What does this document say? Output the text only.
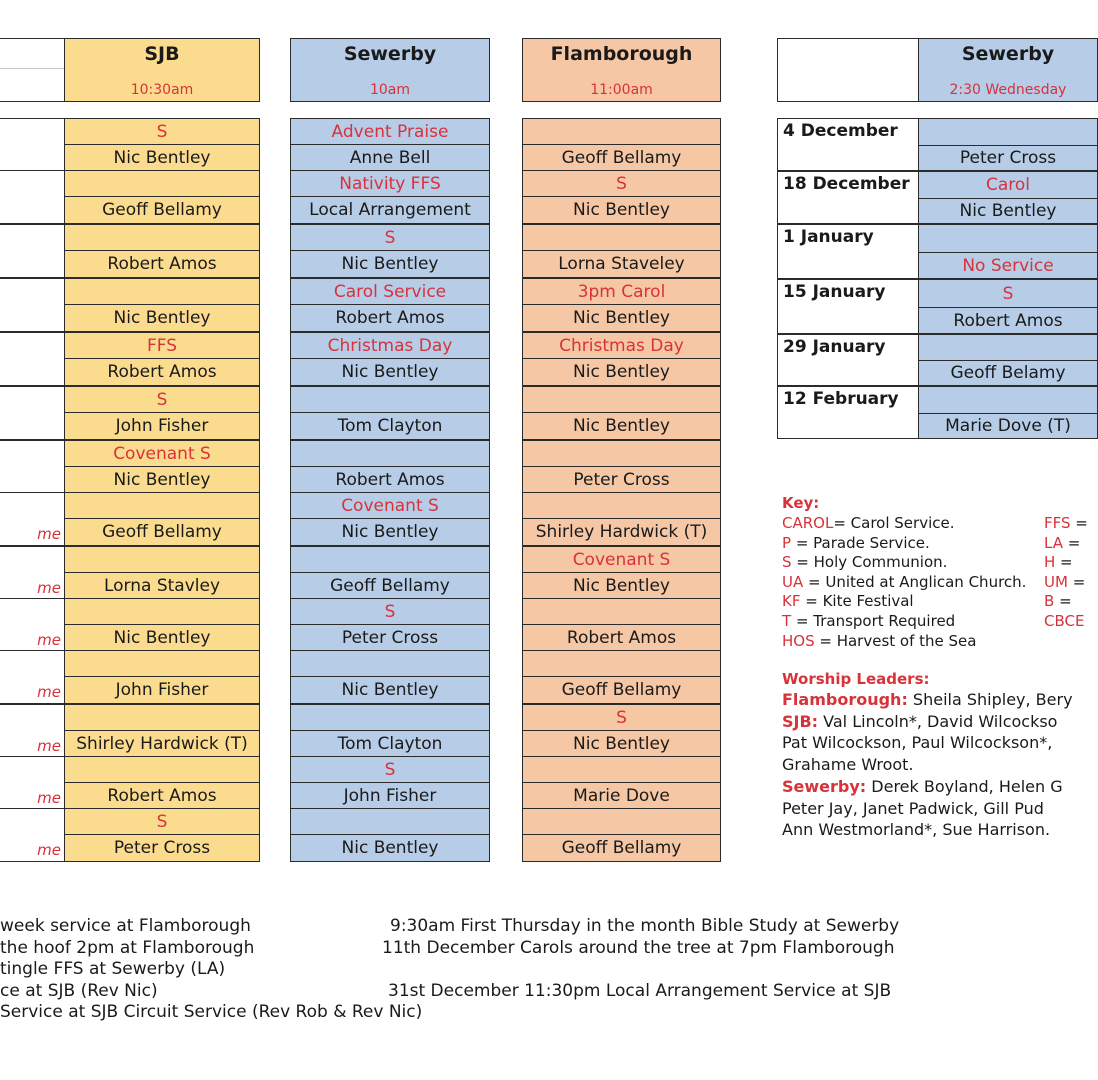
SJB
10:30am
Sewerby
10am
Flamborough
11:00am
Sewerby
2:30 Wednesday
me
me
me
me
me
me
me
S
Nic Bentley
Geoff Bellamy
Robert Amos
Nic Bentley
FFS
Robert Amos
S
John Fisher
Covenant S
Nic Bentley
Geoff Bellamy
Lorna Stavley
Nic Bentley
John Fisher
Shirley Hardwick (T)
Robert Amos
S
Peter Cross
Advent Praise
Anne Bell
Nativity FFS
Local Arrangement
S
Nic Bentley
Carol Service
Robert Amos
Christmas Day
Nic Bentley
Tom Clayton
Robert Amos
Covenant S
Nic Bentley
Geoff Bellamy
S
Peter Cross
Nic Bentley
Tom Clayton
S
John Fisher
Nic Bentley
Geoff Bellamy
S
Nic Bentley
Lorna Staveley
3pm Carol
Nic Bentley
Christmas Day
Nic Bentley
Nic Bentley
Peter Cross
Shirley Hardwick (T)
Covenant S
Nic Bentley
Robert Amos
Geoff Bellamy
S
Nic Bentley
Marie Dove
Geoff Bellamy
4 December
Peter Cross
18 December	Carol
Nic Bentley
1 January
No Service
15 January	S
Robert Amos
29 January
Geoff Belamy
12 February
Marie Dove (T)
Key:
CAROL= Carol Service.
P = Parade Service.
S = Holy Communion.
UA = United at Anglican Church.
KF = Kite Festival
T = Transport Required
HOS = Harvest of the Sea
FFS =
LA =
H =
UM =
B =
CBCE
Worship Leaders:
Flamborough: Sheila Shipley, Bery
SJB: Val Lincoln*, David Wilcockso
Pat Wilcockson, Paul Wilcockson*,
Grahame Wroot.
Sewerby: Derek Boyland, Helen G
Peter Jay, Janet Padwick, Gill Pud
Ann Westmorland*, Sue Harrison.
week service at Flamborough
the hoof 2pm at Flamborough
tingle FFS at Sewerby (LA)
ce at SJB (Rev Nic)
Service at SJB Circuit Service (Rev Rob & Rev Nic)
9:30am First Thursday in the month Bible Study at Sewerby
11th December Carols around the tree at 7pm Flamborough
31st December 11:30pm Local Arrangement Service at SJB
